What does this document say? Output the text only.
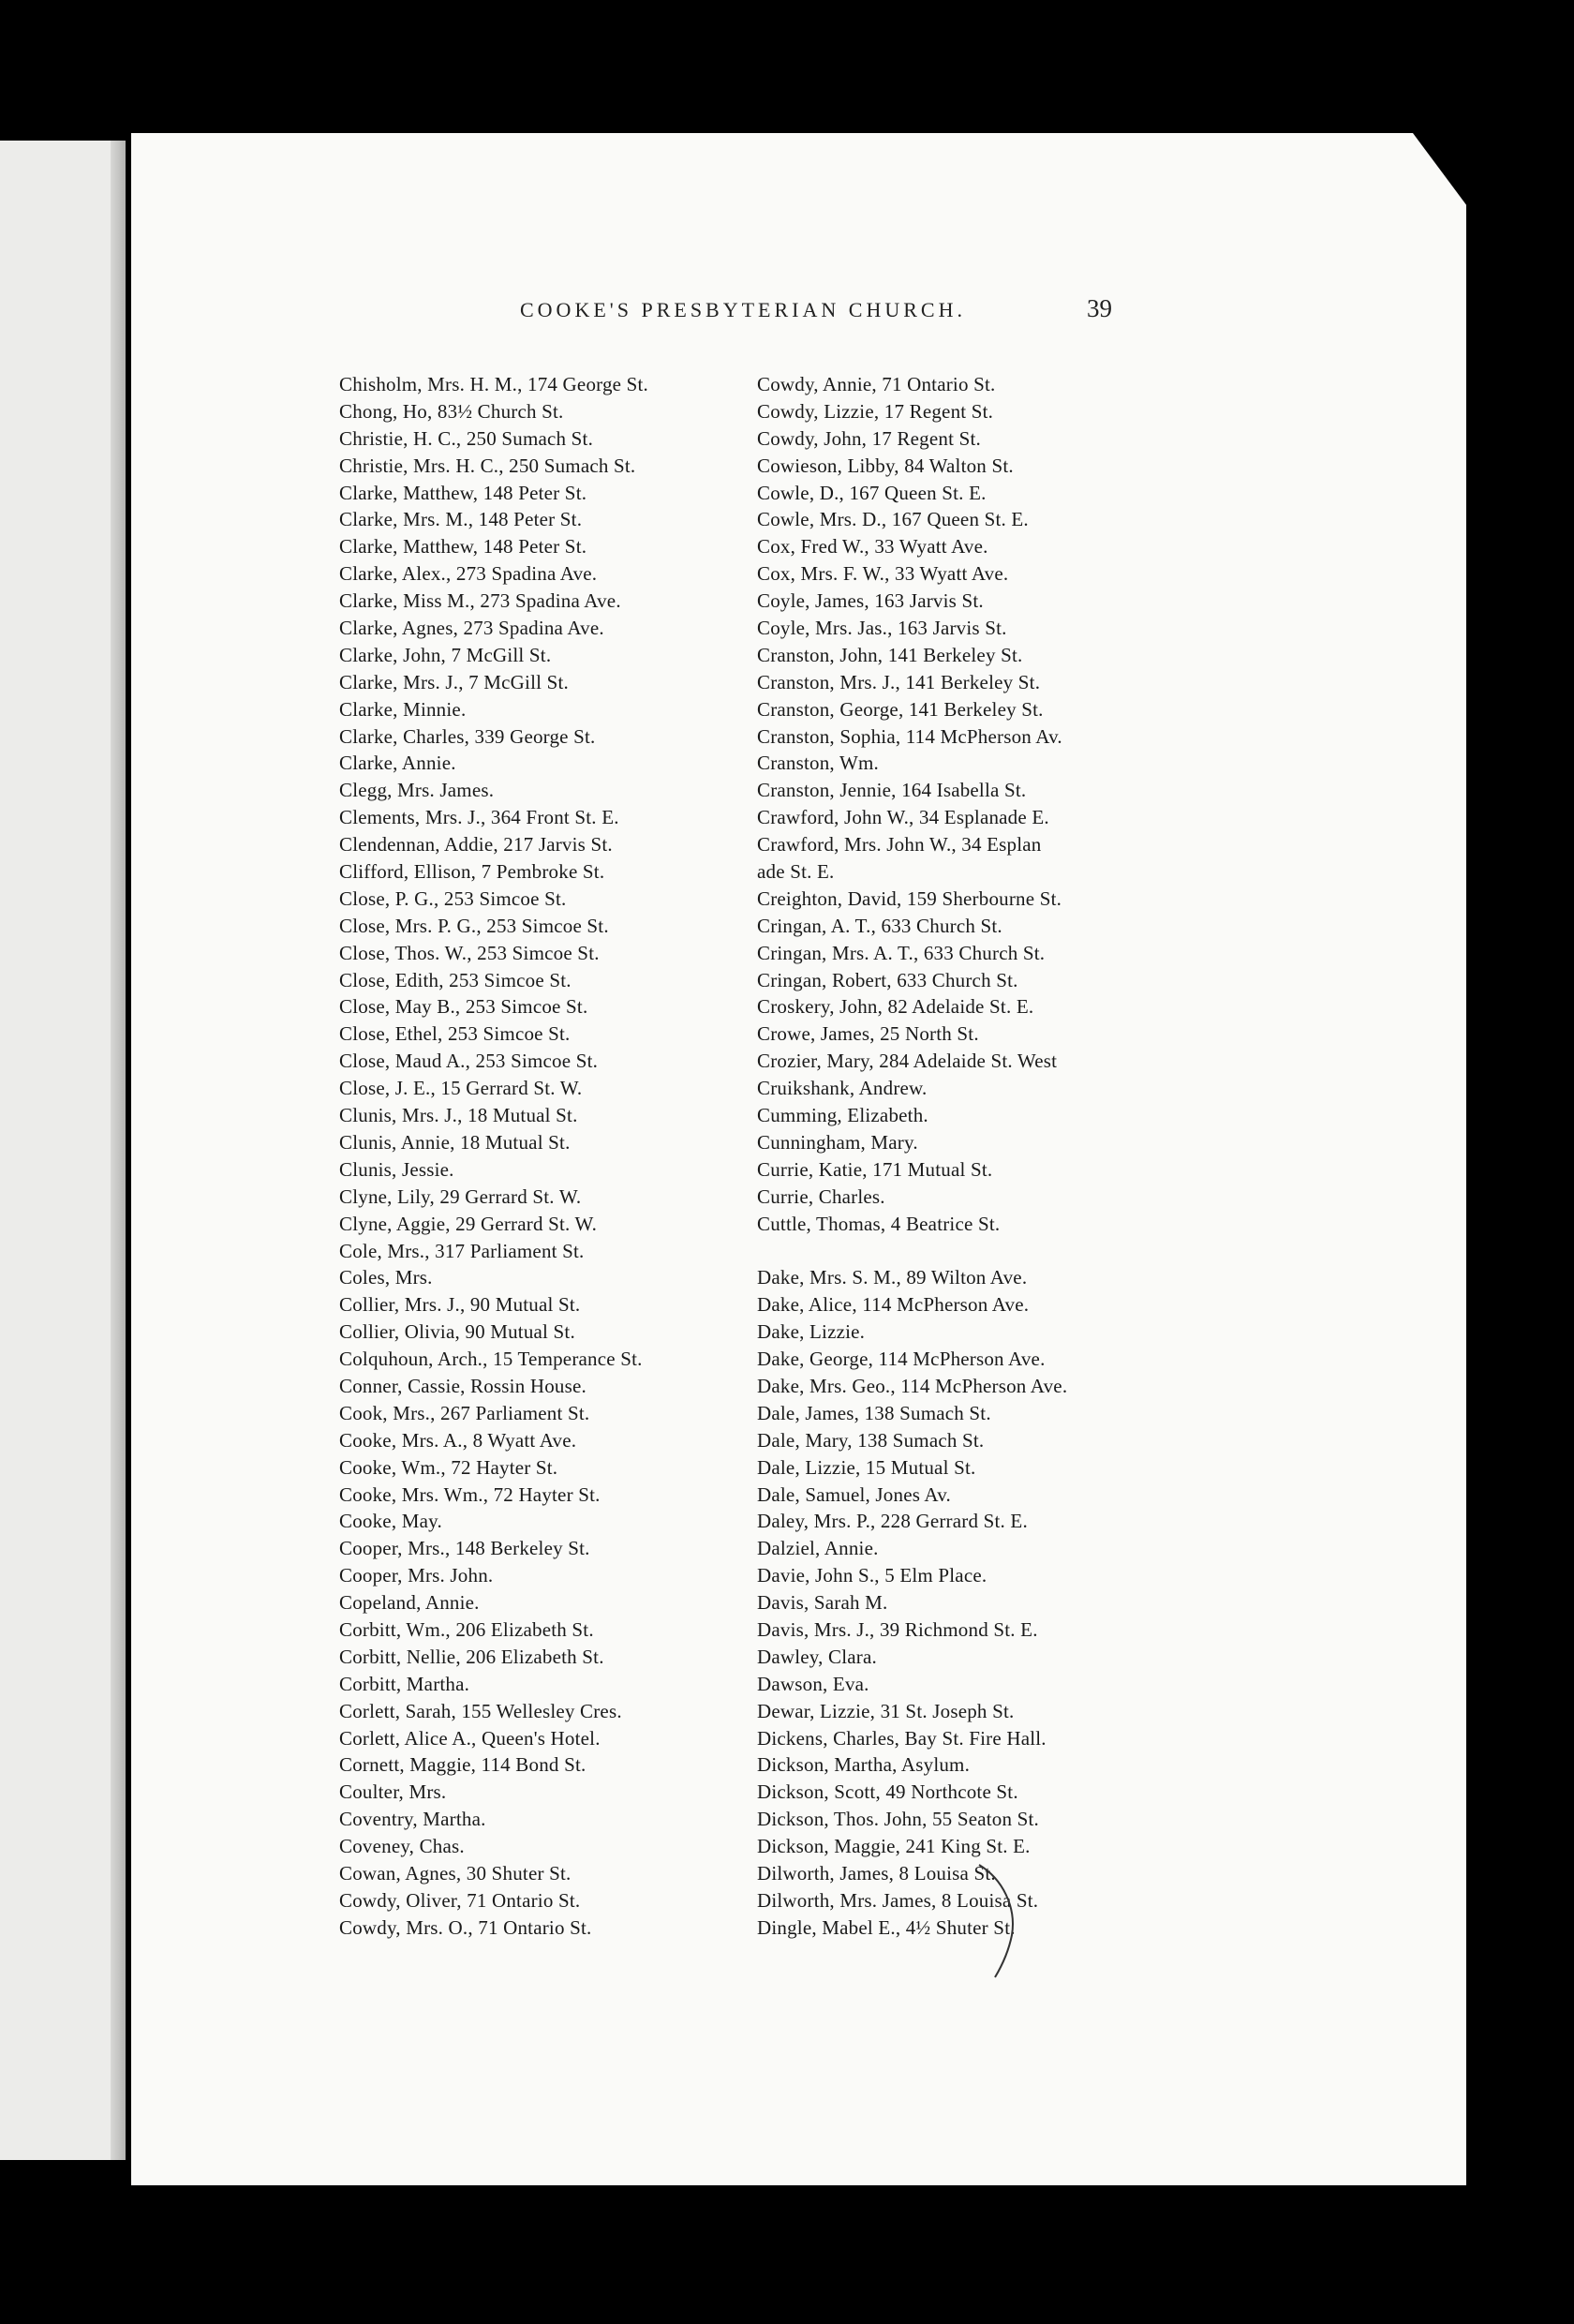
COOKE'S PRESBYTERIAN CHURCH.	39
Chisholm, Mrs. H. M., 174 George St.
Chong, Ho, 83½ Church St.
Christie, H. C., 250 Sumach St.
Christie, Mrs. H. C., 250 Sumach St.
Clarke, Matthew, 148 Peter St.
Clarke, Mrs. M., 148 Peter St.
Clarke, Matthew, 148 Peter St.
Clarke, Alex., 273 Spadina Ave.
Clarke, Miss M., 273 Spadina Ave.
Clarke, Agnes, 273 Spadina Ave.
Clarke, John, 7 McGill St.
Clarke, Mrs. J., 7 McGill St.
Clarke, Minnie.
Clarke, Charles, 339 George St.
Clarke, Annie.
Clegg, Mrs. James.
Clements, Mrs. J., 364 Front St. E.
Clendennan, Addie, 217 Jarvis St.
Clifford, Ellison, 7 Pembroke St.
Close, P. G., 253 Simcoe St.
Close, Mrs. P. G., 253 Simcoe St.
Close, Thos. W., 253 Simcoe St.
Close, Edith, 253 Simcoe St.
Close, May B., 253 Simcoe St.
Close, Ethel, 253 Simcoe St.
Close, Maud A., 253 Simcoe St.
Close, J. E., 15 Gerrard St. W.
Clunis, Mrs. J., 18 Mutual St.
Clunis, Annie, 18 Mutual St.
Clunis, Jessie.
Clyne, Lily, 29 Gerrard St. W.
Clyne, Aggie, 29 Gerrard St. W.
Cole, Mrs., 317 Parliament St.
Coles, Mrs.
Collier, Mrs. J., 90 Mutual St.
Collier, Olivia, 90 Mutual St.
Colquhoun, Arch., 15 Temperance St.
Conner, Cassie, Rossin House.
Cook, Mrs., 267 Parliament St.
Cooke, Mrs. A., 8 Wyatt Ave.
Cooke, Wm., 72 Hayter St.
Cooke, Mrs. Wm., 72 Hayter St.
Cooke, May.
Cooper, Mrs., 148 Berkeley St.
Cooper, Mrs. John.
Copeland, Annie.
Corbitt, Wm., 206 Elizabeth St.
Corbitt, Nellie, 206 Elizabeth St.
Corbitt, Martha.
Corlett, Sarah, 155 Wellesley Cres.
Corlett, Alice A., Queen's Hotel.
Cornett, Maggie, 114 Bond St.
Coulter, Mrs.
Coventry, Martha.
Coveney, Chas.
Cowan, Agnes, 30 Shuter St.
Cowdy, Oliver, 71 Ontario St.
Cowdy, Mrs. O., 71 Ontario St.
Cowdy, Annie, 71 Ontario St.
Cowdy, Lizzie, 17 Regent St.
Cowdy, John, 17 Regent St.
Cowieson, Libby, 84 Walton St.
Cowle, D., 167 Queen St. E.
Cowle, Mrs. D., 167 Queen St. E.
Cox, Fred W., 33 Wyatt Ave.
Cox, Mrs. F. W., 33 Wyatt Ave.
Coyle, James, 163 Jarvis St.
Coyle, Mrs. Jas., 163 Jarvis St.
Cranston, John, 141 Berkeley St.
Cranston, Mrs. J., 141 Berkeley St.
Cranston, George, 141 Berkeley St.
Cranston, Sophia, 114 McPherson Av.
Cranston, Wm.
Cranston, Jennie, 164 Isabella St.
Crawford, John W., 34 Esplanade E.
Crawford, Mrs. John W., 34 Esplan
ade St. E.
Creighton, David, 159 Sherbourne St.
Cringan, A. T., 633 Church St.
Cringan, Mrs. A. T., 633 Church St.
Cringan, Robert, 633 Church St.
Croskery, John, 82 Adelaide St. E.
Crowe, James, 25 North St.
Crozier, Mary, 284 Adelaide St. West
Cruikshank, Andrew.
Cumming, Elizabeth.
Cunningham, Mary.
Currie, Katie, 171 Mutual St.
Currie, Charles.
Cuttle, Thomas, 4 Beatrice St.
Dake, Mrs. S. M., 89 Wilton Ave.
Dake, Alice, 114 McPherson Ave.
Dake, Lizzie.
Dake, George, 114 McPherson Ave.
Dake, Mrs. Geo., 114 McPherson Ave.
Dale, James, 138 Sumach St.
Dale, Mary, 138 Sumach St.
Dale, Lizzie, 15 Mutual St.
Dale, Samuel, Jones Av.
Daley, Mrs. P., 228 Gerrard St. E.
Dalziel, Annie.
Davie, John S., 5 Elm Place.
Davis, Sarah M.
Davis, Mrs. J., 39 Richmond St. E.
Dawley, Clara.
Dawson, Eva.
Dewar, Lizzie, 31 St. Joseph St.
Dickens, Charles, Bay St. Fire Hall.
Dickson, Martha, Asylum.
Dickson, Scott, 49 Northcote St.
Dickson, Thos. John, 55 Seaton St.
Dickson, Maggie, 241 King St. E.
Dilworth, James, 8 Louisa St.
Dilworth, Mrs. James, 8 Louisa St.
Dingle, Mabel E., 4½ Shuter St.
